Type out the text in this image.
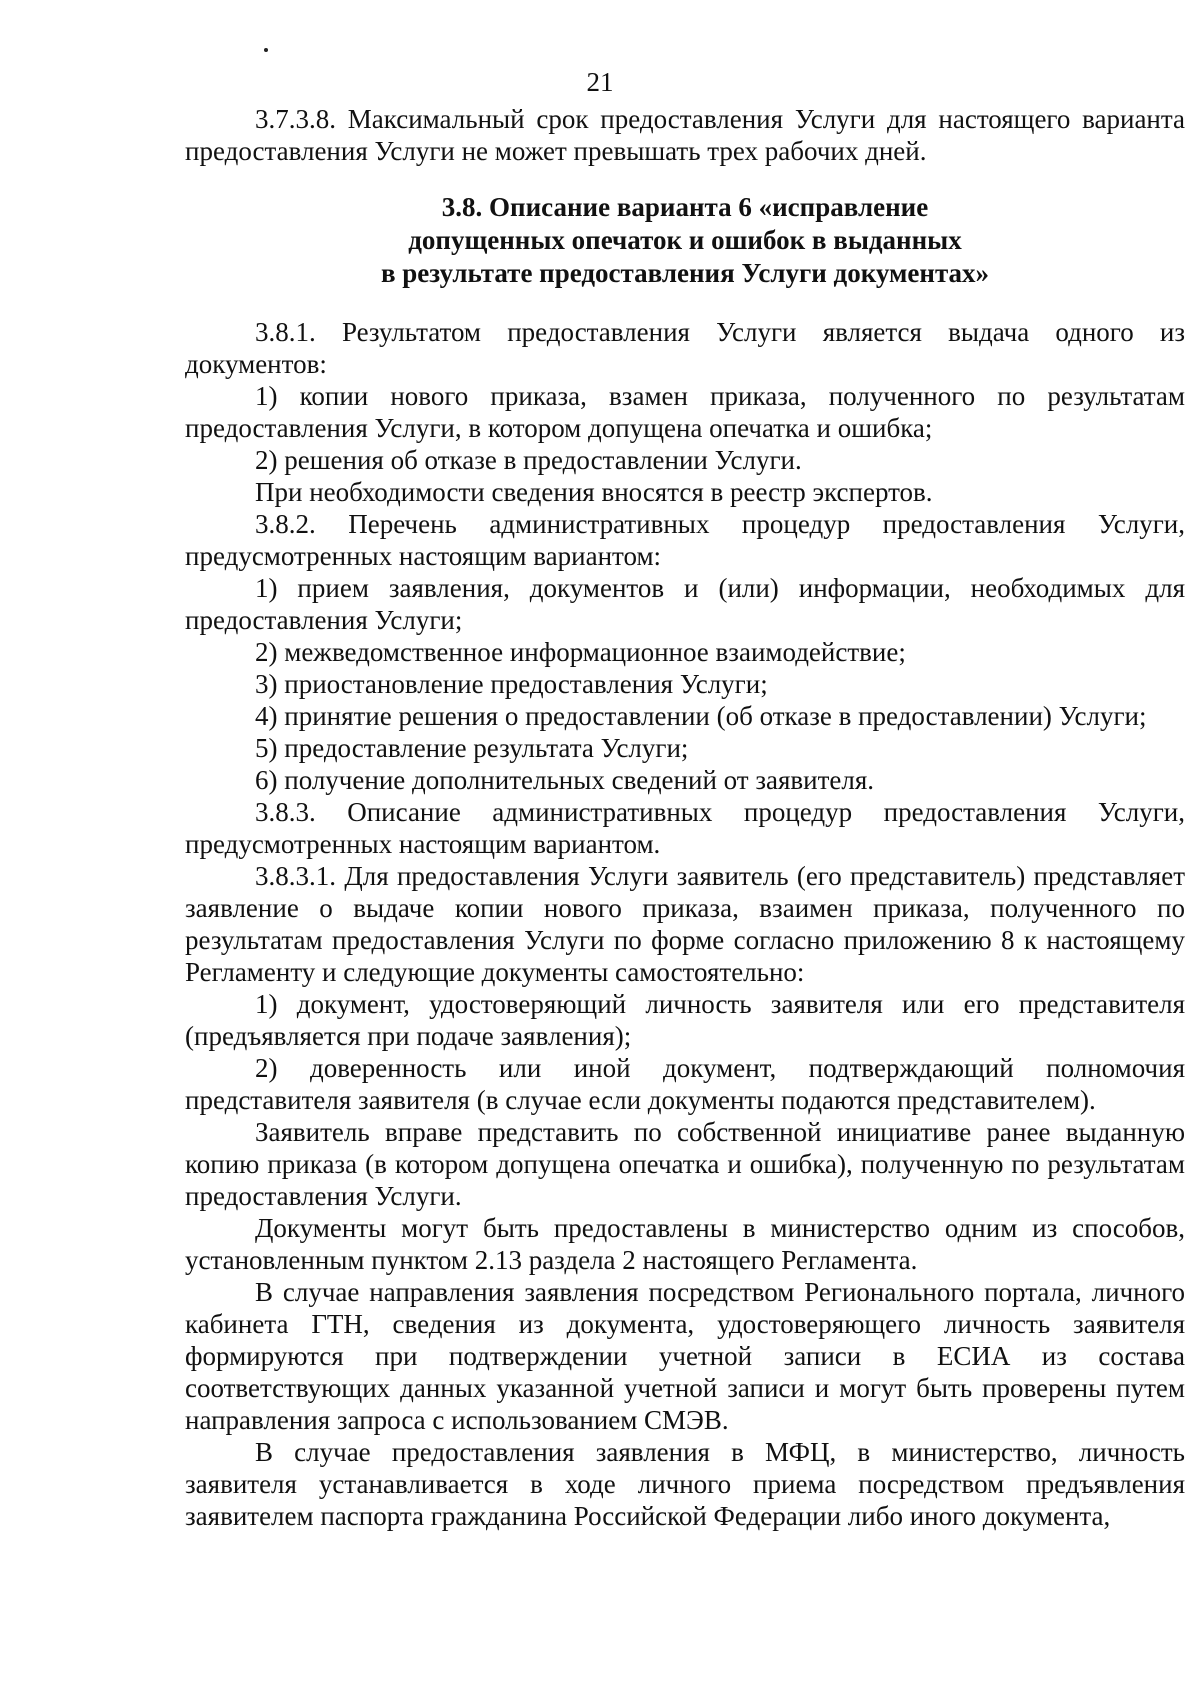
21

3.7.3.8. Максимальный срок предоставления Услуги для настоящего варианта предоставления Услуги не может превышать трех рабочих дней.

3.8. Описание варианта 6 «исправление
допущенных опечаток и ошибок в выданных
в результате предоставления Услуги документах»

3.8.1. Результатом предоставления Услуги является выдача одного из документов:

1) копии нового приказа, взамен приказа, полученного по результатам предоставления Услуги, в котором допущена опечатка и ошибка;

2) решения об отказе в предоставлении Услуги.

При необходимости сведения вносятся в реестр экспертов.

3.8.2. Перечень административных процедур предоставления Услуги, предусмотренных настоящим вариантом:

1) прием заявления, документов и (или) информации, необходимых для предоставления Услуги;

2) межведомственное информационное взаимодействие;

3) приостановление предоставления Услуги;

4) принятие решения о предоставлении (об отказе в предоставлении) Услуги;

5) предоставление результата Услуги;

6) получение дополнительных сведений от заявителя.

3.8.3. Описание административных процедур предоставления Услуги, предусмотренных настоящим вариантом.

3.8.3.1. Для предоставления Услуги заявитель (его представитель) представляет заявление о выдаче копии нового приказа, взаимен приказа, полученного по результатам предоставления Услуги по форме согласно приложению 8 к настоящему Регламенту и следующие документы самостоятельно:

1) документ, удостоверяющий личность заявителя или его представителя (предъявляется при подаче заявления);

2) доверенность или иной документ, подтверждающий полномочия представителя заявителя (в случае если документы подаются представителем).

Заявитель вправе представить по собственной инициативе ранее выданную копию приказа (в котором допущена опечатка и ошибка), полученную по результатам предоставления Услуги.

Документы могут быть предоставлены в министерство одним из способов, установленным пунктом 2.13 раздела 2 настоящего Регламента.

В случае направления заявления посредством Регионального портала, личного кабинета ГТН, сведения из документа, удостоверяющего личность заявителя формируются при подтверждении учетной записи в ЕСИА из состава соответствующих данных указанной учетной записи и могут быть проверены путем направления запроса с использованием СМЭВ.

В случае предоставления заявления в МФЦ, в министерство, личность заявителя устанавливается в ходе личного приема посредством предъявления заявителем паспорта гражданина Российской Федерации либо иного документа,
